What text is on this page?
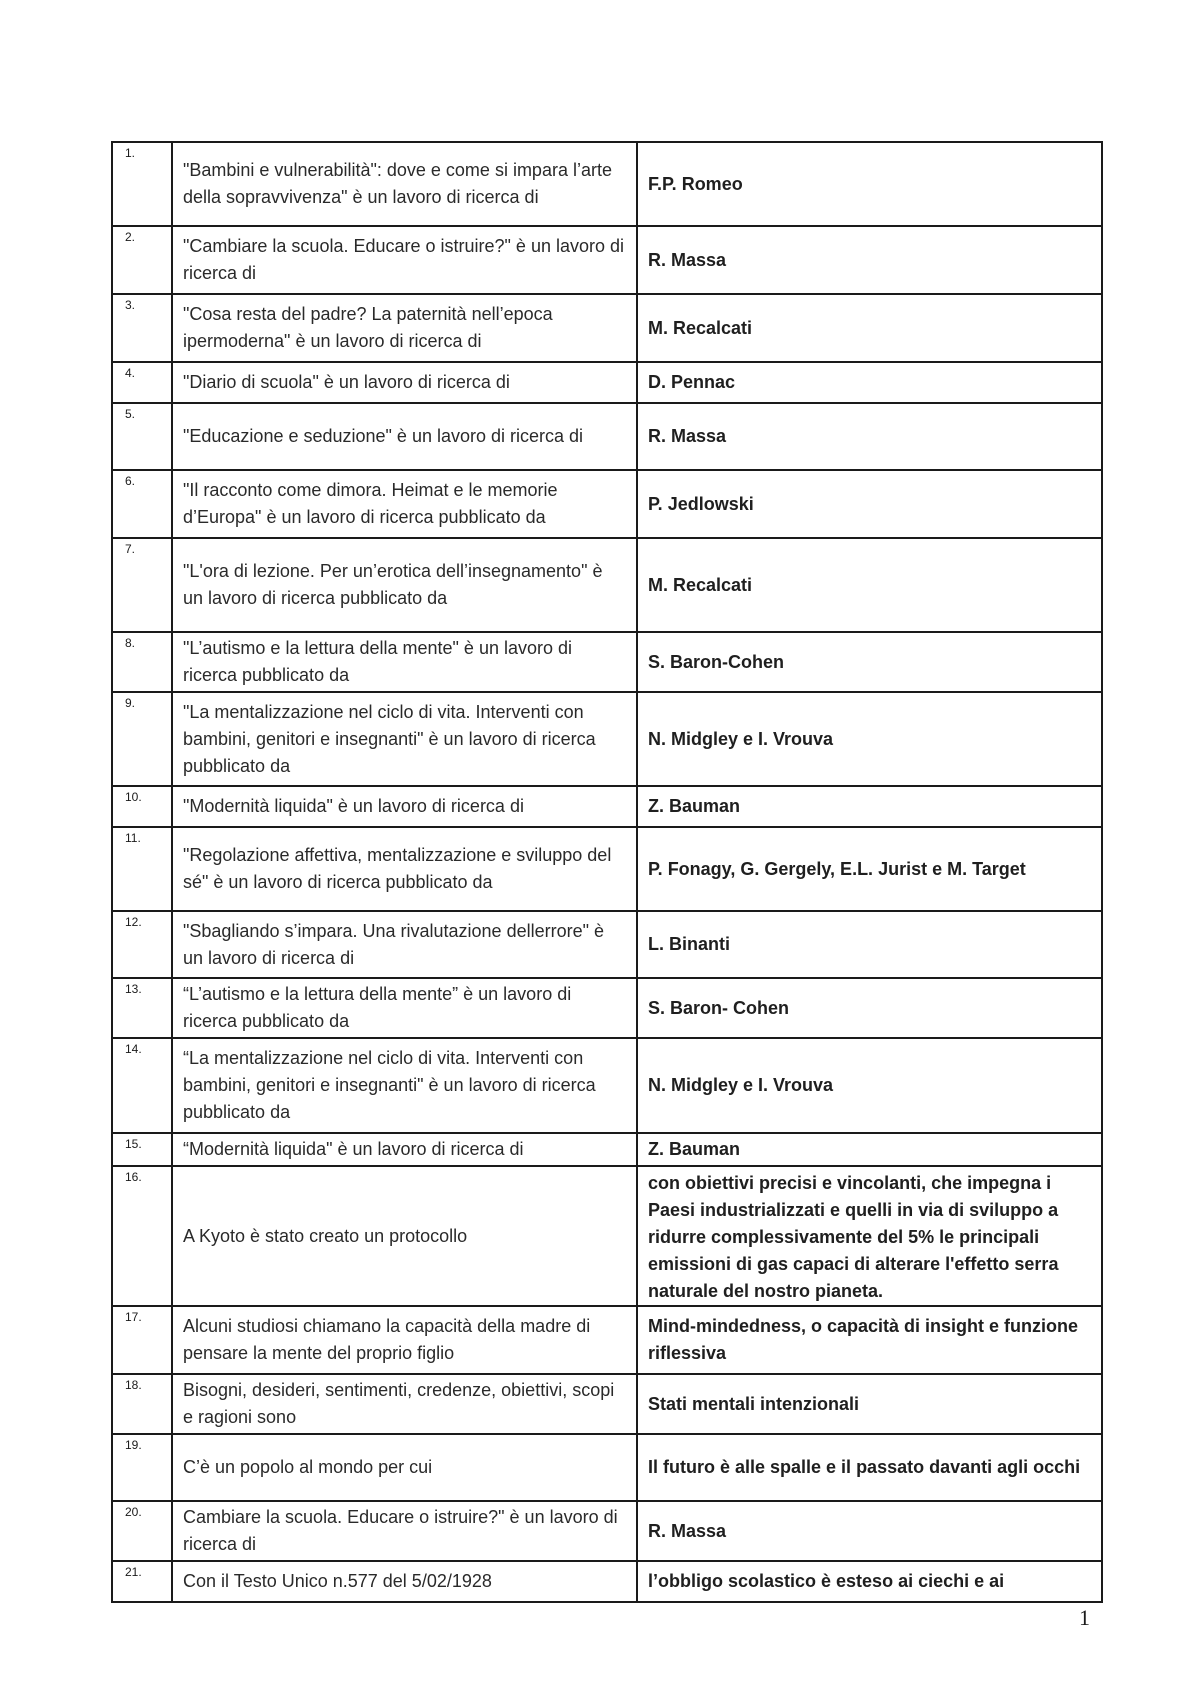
1.	"Bambini e vulnerabilità": dove e come si impara l’arte della sopravvivenza" è un lavoro di ricerca di	F.P. Romeo
2.	"Cambiare la scuola. Educare o istruire?" è un lavoro di ricerca di	R. Massa
3.	"Cosa resta del padre? La paternità nell’epoca ipermoderna" è un lavoro di ricerca di	M. Recalcati
4.	"Diario di scuola" è un lavoro di ricerca di	D. Pennac
5.	"Educazione e seduzione" è un lavoro di ricerca di	R. Massa
6.	"Il racconto come dimora. Heimat e le memorie d’Europa" è un lavoro di ricerca pubblicato da	P. Jedlowski
7.	"L'ora di lezione. Per un’erotica dell’insegnamento" è un lavoro di ricerca pubblicato da	M. Recalcati
8.	"L’autismo e la lettura della mente" è un lavoro di ricerca pubblicato da	S. Baron-Cohen
9.	"La mentalizzazione nel ciclo di vita. Interventi con bambini, genitori e insegnanti" è un lavoro di ricerca pubblicato da	N. Midgley e I. Vrouva
10.	"Modernità liquida" è un lavoro di ricerca di	Z. Bauman
11.	"Regolazione affettiva, mentalizzazione e sviluppo del sé" è un lavoro di ricerca pubblicato da	P. Fonagy, G. Gergely, E.L. Jurist e M. Target
12.	"Sbagliando s’impara. Una rivalutazione dellerrore" è un lavoro di ricerca di	L. Binanti
13.	“L’autismo e la lettura della mente” è un lavoro di ricerca pubblicato da	S. Baron- Cohen
14.	“La mentalizzazione nel ciclo di vita. Interventi con bambini, genitori e insegnanti" è un lavoro di ricerca pubblicato da	N. Midgley e I. Vrouva
15.	“Modernità liquida" è un lavoro di ricerca di	Z. Bauman
16.	A Kyoto è stato creato un protocollo	con obiettivi precisi e vincolanti, che impegna i Paesi industrializzati e quelli in via di sviluppo a ridurre complessivamente del 5% le principali emissioni di gas capaci di alterare l'effetto serra naturale del nostro pianeta.
17.	Alcuni studiosi chiamano la capacità della madre di pensare la mente del proprio figlio	Mind-mindedness, o capacità di insight e funzione riflessiva
18.	Bisogni, desideri, sentimenti, credenze, obiettivi, scopi e ragioni sono	Stati mentali intenzionali
19.	C’è un popolo al mondo per cui	Il futuro è alle spalle e il passato davanti agli occhi
20.	Cambiare la scuola. Educare o istruire?" è un lavoro di ricerca di	R. Massa
21.	Con il Testo Unico n.577 del 5/02/1928	l’obbligo scolastico è esteso ai ciechi e ai
1
